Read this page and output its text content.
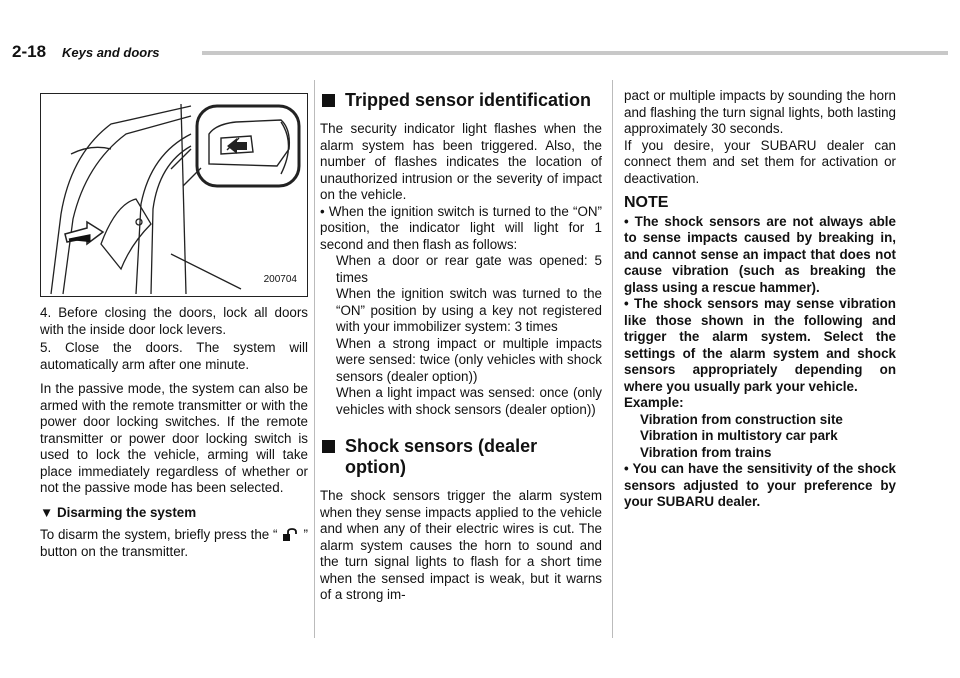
2-18 Keys and doors
200704

4. Before closing the doors, lock all doors with the inside door lock levers.

5. Close the doors. The system will automatically arm after one minute.

In the passive mode, the system can also be armed with the remote transmitter or with the power door locking switches. If the remote transmitter or power door locking switch is used to lock the vehicle, arming will take place immediately regardless of whether or not the passive mode has been selected.

▼ Disarming the system

To disarm the system, briefly press the “ ” button on the transmitter.

Tripped sensor identification

The security indicator light flashes when the alarm system has been triggered. Also, the number of flashes indicates the location of unauthorized intrusion or the severity of impact on the vehicle.

• When the ignition switch is turned to the “ON” position, the indicator light will light for 1 second and then flash as follows:

When a door or rear gate was opened: 5 times
When the ignition switch was turned to the “ON” position by using a key not registered with your immobilizer system: 3 times
When a strong impact or multiple impacts were sensed: twice (only vehicles with shock sensors (dealer option))
When a light impact was sensed: once (only vehicles with shock sensors (dealer option))
Shock sensors (dealer option)

The shock sensors trigger the alarm system when they sense impacts applied to the vehicle and when any of their electric wires is cut. The alarm system causes the horn to sound and the turn signal lights to flash for a short time when the sensed impact is weak, but it warns of a strong im-

pact or multiple impacts by sounding the horn and flashing the turn signal lights, both lasting approximately 30 seconds.

If you desire, your SUBARU dealer can connect them and set them for activation or deactivation.

NOTE

• The shock sensors are not always able to sense impacts caused by breaking in, and cannot sense an impact that does not cause vibration (such as breaking the glass using a rescue hammer).

• The shock sensors may sense vibration like those shown in the following and trigger the alarm system. Select the settings of the alarm system and shock sensors appropriately depending on where you usually park your vehicle.

Example:
Vibration from construction site
Vibration in multistory car park
Vibration from trains

• You can have the sensitivity of the shock sensors adjusted to your preference by your SUBARU dealer.
